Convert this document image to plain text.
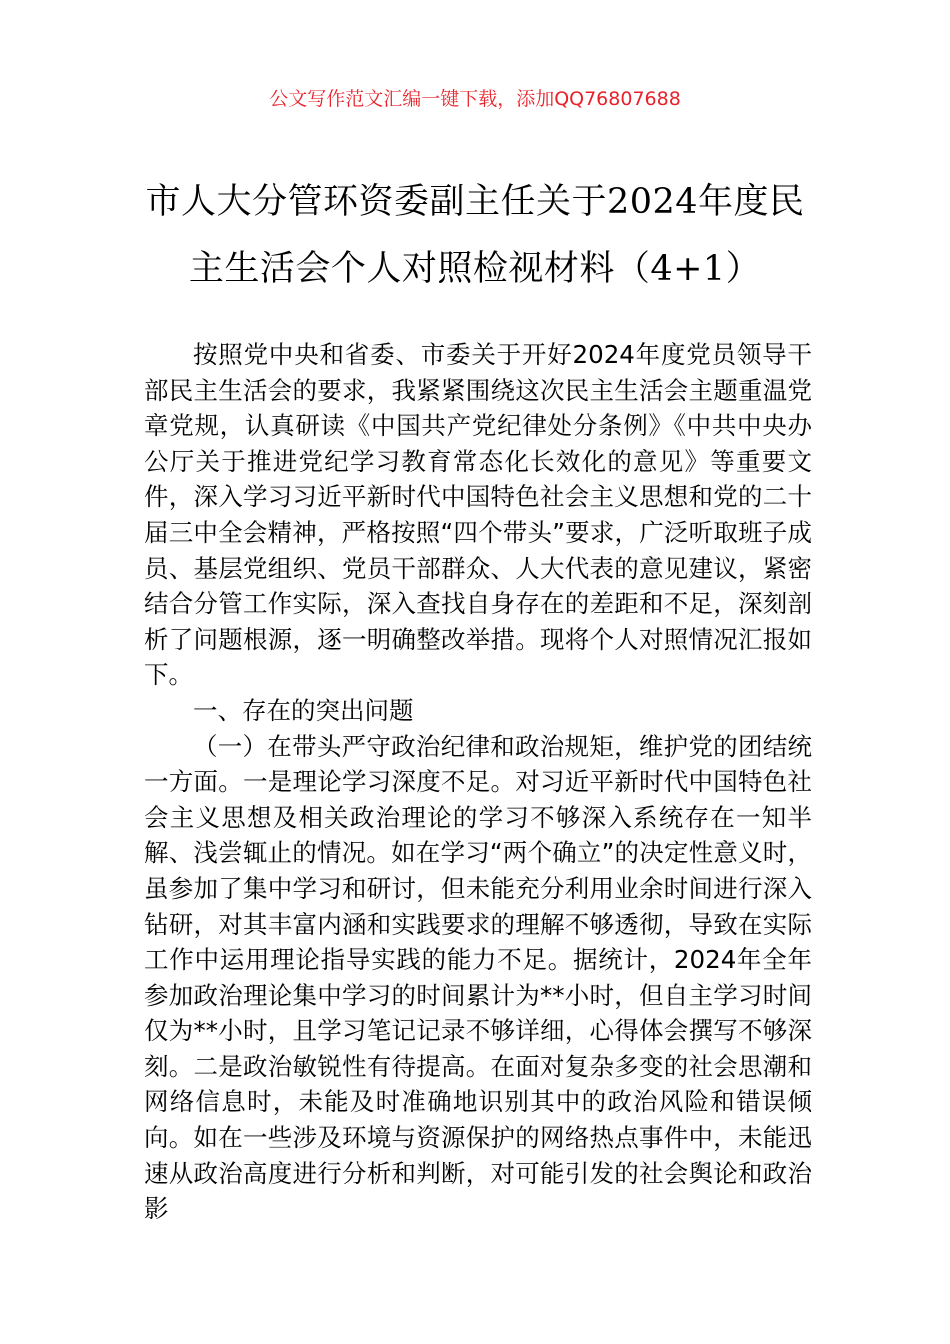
公文写作范文汇编一键下载，添加QQ76807688
市人大分管环资委副主任关于2024年度民
主生活会个人对照检视材料（4+1）

按照党中央和省委、市委关于开好2024年度党员领导干部民主生活会的要求，我紧紧围绕这次民主生活会主题重温党章党规，认真研读《中国共产党纪律处分条例》《中共中央办公厅关于推进党纪学习教育常态化长效化的意见》等重要文件，深入学习习近平新时代中国特色社会主义思想和党的二十届三中全会精神，严格按照“四个带头”要求，广泛听取班子成员、基层党组织、党员干部群众、人大代表的意见建议，紧密结合分管工作实际，深入查找自身存在的差距和不足，深刻剖析了问题根源，逐一明确整改举措。现将个人对照情况汇报如下。

一、存在的突出问题

（一）在带头严守政治纪律和政治规矩，维护党的团结统一方面。一是理论学习深度不足。对习近平新时代中国特色社会主义思想及相关政治理论的学习不够深入系统存在一知半解、浅尝辄止的情况。如在学习“两个确立”的决定性意义时，虽参加了集中学习和研讨，但未能充分利用业余时间进行深入钻研，对其丰富内涵和实践要求的理解不够透彻，导致在实际工作中运用理论指导实践的能力不足。据统计，2024年全年参加政治理论集中学习的时间累计为**小时，但自主学习时间仅为**小时，且学习笔记记录不够详细，心得体会撰写不够深刻。二是政治敏锐性有待提高。在面对复杂多变的社会思潮和网络信息时，未能及时准确地识别其中的政治风险和错误倾向。如在一些涉及环境与资源保护的网络热点事件中，未能迅速从政治高度进行分析和判断，对可能引发的社会舆论和政治影
